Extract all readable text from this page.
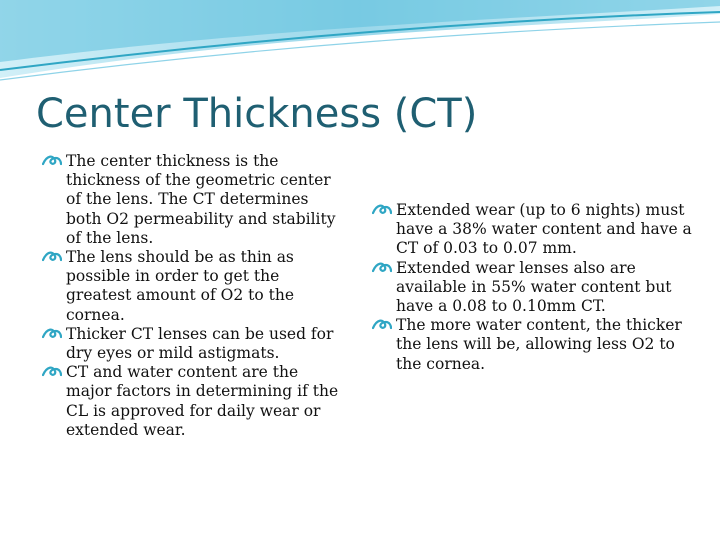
Center Thickness (CT)
The center thickness is the thickness of the geometric center of the lens. The CT determines both O2 permeability and stability of the lens.
The lens should be as thin as possible in order to get the greatest amount of O2 to the cornea.
Thicker CT lenses can be used for dry eyes or mild astigmats.
CT and water content are the major factors in determining if the CL is approved for daily wear or extended wear.
Extended wear (up to 6 nights) must have a 38% water content and have a CT of 0.03 to 0.07 mm.
Extended wear lenses also are available in 55% water content but have a 0.08 to 0.10mm CT.
The more water content, the thicker the lens will be, allowing less O2 to the cornea.
